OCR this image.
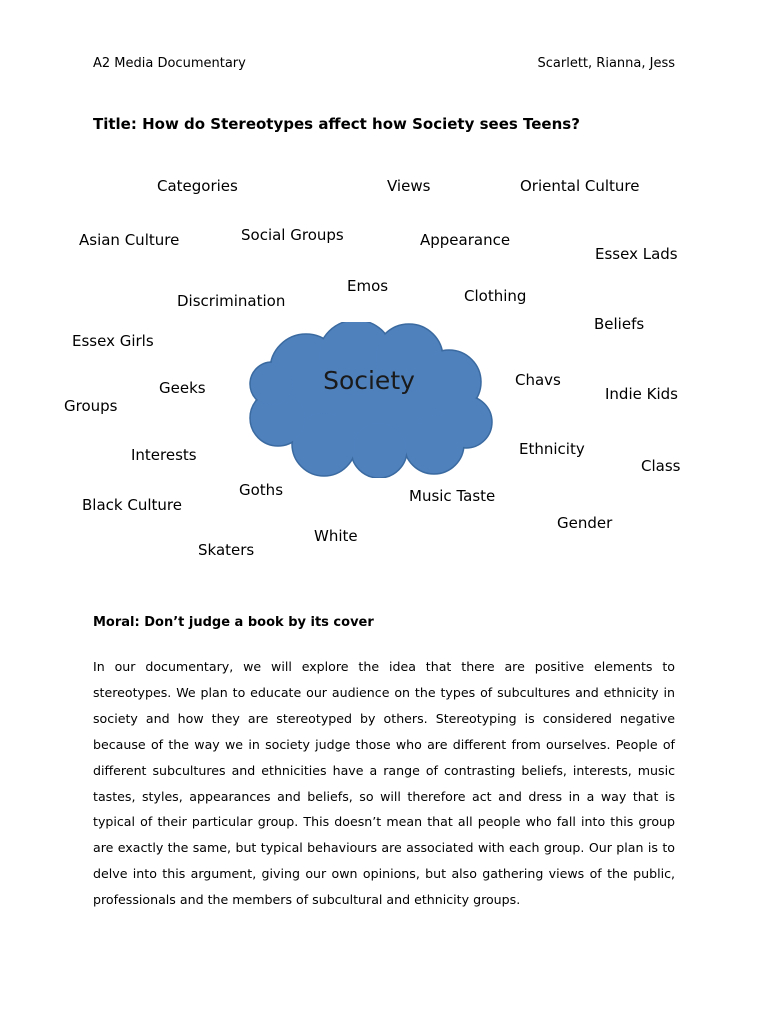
A2 Media Documentary	Scarlett, Rianna, Jess
Title: How do Stereotypes affect how Society sees Teens?
Society
Categories	Views	Oriental Culture
Asian Culture	Social Groups	Appearance
Essex Lads
Emos
Discrimination	Clothing
Beliefs
Essex Girls
Chavs
Geeks	Indie Kids
Groups
Ethnicity
Interests
Class
Goths	Music Taste
Black Culture
Gender
White
Skaters
Moral: Don’t judge a book by its cover

In our documentary, we will explore the idea that there are positive elements to stereotypes. We plan to educate our audience on the types of subcultures and ethnicity in society and how they are stereotyped by others. Stereotyping is considered negative because of the way we in society judge those who are different from ourselves. People of different subcultures and ethnicities have a range of contrasting beliefs, interests, music tastes, styles, appearances and beliefs, so will therefore act and dress in a way that is typical of their particular group. This doesn’t mean that all people who fall into this group are exactly the same, but typical behaviours are associated with each group. Our plan is to delve into this argument, giving our own opinions, but also gathering views of the public, professionals and the members of subcultural and ethnicity groups.
